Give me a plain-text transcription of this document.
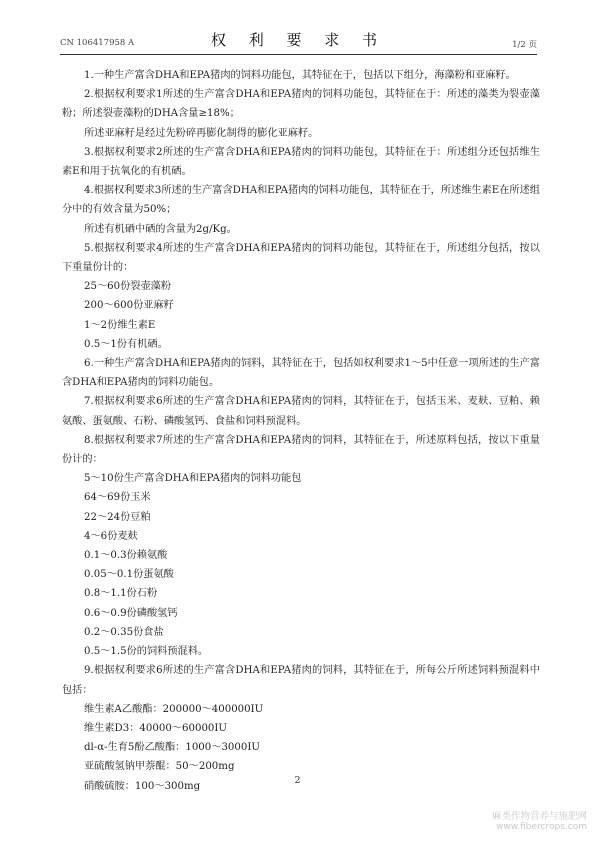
CN 106417958 A	权 利 要 求 书	1/2 页

1.一种生产富含DHA和EPA猪肉的饲料功能包，其特征在于，包括以下组分，海藻粉和亚麻籽。

2.根据权利要求1所述的生产富含DHA和EPA猪肉的饲料功能包，其特征在于：所述的藻类为裂壶藻粉；所述裂壶藻粉的DHA含量≥18%；

所述亚麻籽是经过先粉碎再膨化制得的膨化亚麻籽。

3.根据权利要求2所述的生产富含DHA和EPA猪肉的饲料功能包，其特征在于：所述组分还包括维生素E和用于抗氧化的有机硒。

4.根据权利要求3所述的生产富含DHA和EPA猪肉的饲料功能包，其特征在于，所述维生素E在所述组分中的有效含量为50%；

所述有机硒中硒的含量为2g/Kg。

5.根据权利要求4所述的生产富含DHA和EPA猪肉的饲料功能包，其特征在于，所述组分包括，按以下重量份计的：

25～60份裂壶藻粉
200～600份亚麻籽
1～2份维生素E
0.5～1份有机硒。

6.一种生产富含DHA和EPA猪肉的饲料，其特征在于，包括如权利要求1～5中任意一项所述的生产富含DHA和EPA猪肉的饲料功能包。

7.根据权利要求6所述的生产富含DHA和EPA猪肉的饲料，其特征在于，包括玉米、麦麸、豆粕、赖氨酸、蛋氨酸、石粉、磷酸氢钙、食盐和饲料预混料。

8.根据权利要求7所述的生产富含DHA和EPA猪肉的饲料，其特征在于，所述原料包括，按以下重量份计的：

5～10份生产富含DHA和EPA猪肉的饲料功能包
64～69份玉米
22～24份豆粕
4～6份麦麸
0.1～0.3份赖氨酸
0.05～0.1份蛋氨酸
0.8～1.1份石粉
0.6～0.9份磷酸氢钙
0.2～0.35份食盐
0.5～1.5份的饲料预混料。

9.根据权利要求6所述的生产富含DHA和EPA猪肉的饲料，其特征在于，所每公斤所述饲料预混料中包括：

维生素A乙酸酯：200000～400000IU
维生素D3：40000～60000IU
dl-α-生育5酚乙酸酯：1000～3000IU
亚硫酸氢钠甲萘醌：50～200mg
硝酸硫胺：100～300mg
2
麻类作物营养与施肥网
www.fibercrops.com
